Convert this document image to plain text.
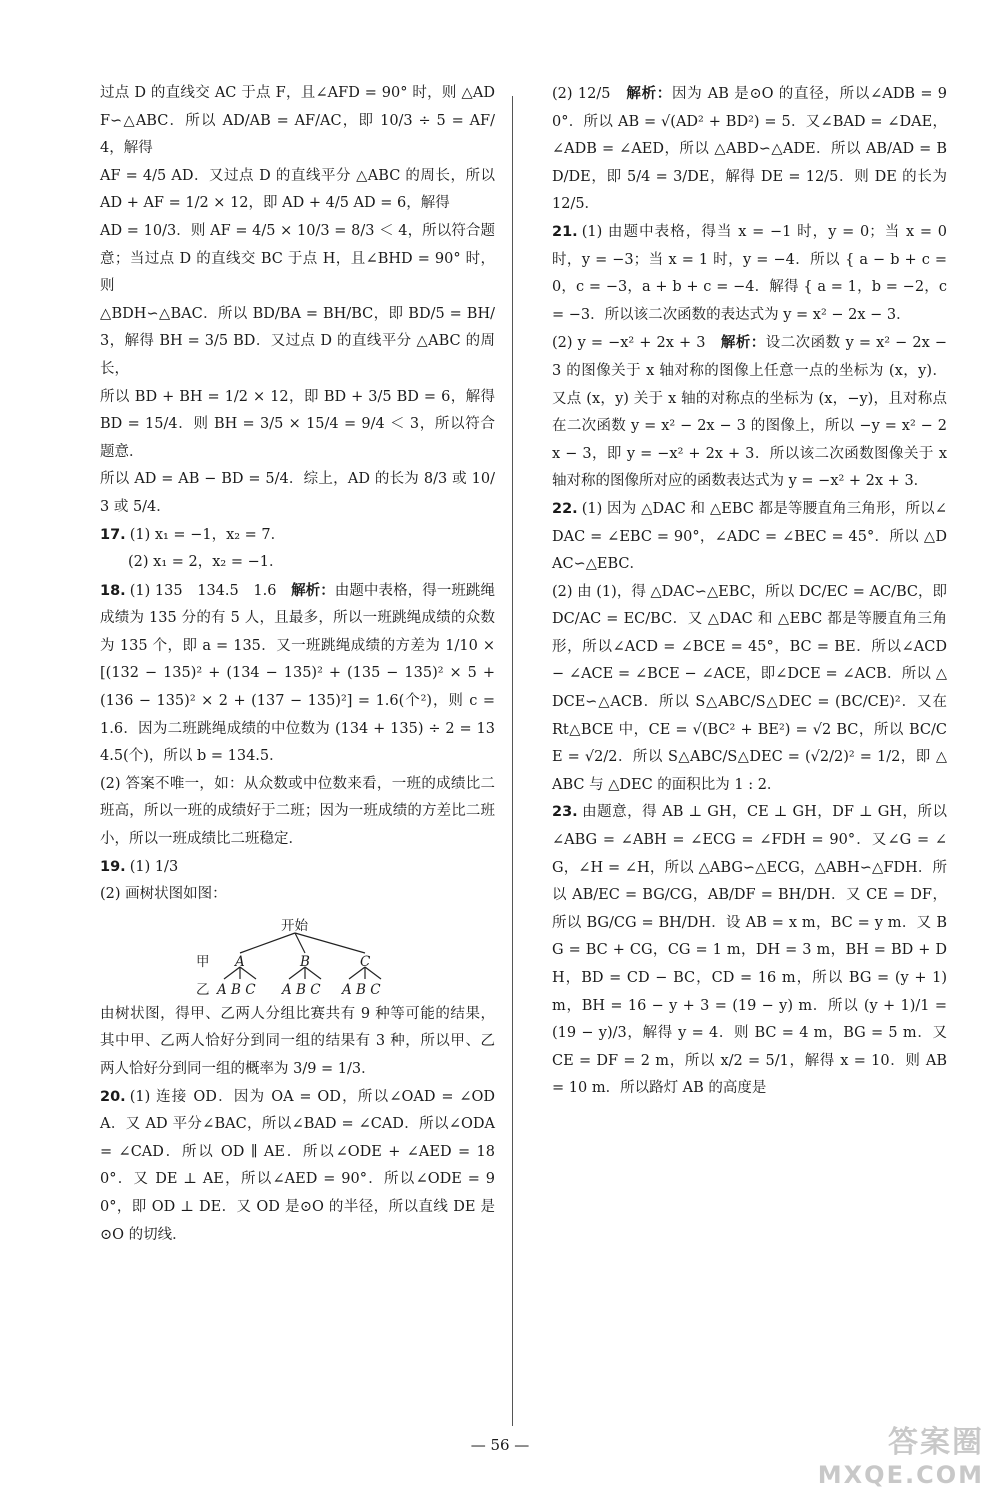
过点 D 的直线交 AC 于点 F，且∠AFD = 90° 时，则 △ADF∽△ABC．所以 AD/AB = AF/AC，即 10/3 ÷ 5 = AF/4，解得

AF = 4/5 AD．又过点 D 的直线平分 △ABC 的周长，所以 AD + AF = 1/2 × 12，即 AD + 4/5 AD = 6，解得

AD = 10/3．则 AF = 4/5 × 10/3 = 8/3 ＜ 4，所以符合题意；当过点 D 的直线交 BC 于点 H，且∠BHD = 90° 时，则

△BDH∽△BAC．所以 BD/BA = BH/BC，即 BD/5 = BH/3，解得 BH = 3/5 BD．又过点 D 的直线平分 △ABC 的周长，

所以 BD + BH = 1/2 × 12，即 BD + 3/5 BD = 6，解得 BD = 15/4．则 BH = 3/5 × 15/4 = 9/4 ＜ 3，所以符合题意．

所以 AD = AB − BD = 5/4．综上，AD 的长为 8/3 或 10/3 或 5/4．

17. (1) x₁ = −1，x₂ = 7．

(2) x₁ = 2，x₂ = −1．

18. (1) 135　134.5　1.6　 解析：由题中表格，得一班跳绳成绩为 135 分的有 5 人，且最多，所以一班跳绳成绩的众数为 135 个，即 a = 135．又一班跳绳成绩的方差为 1/10 × [(132 − 135)² + (134 − 135)² + (135 − 135)² × 5 + (136 − 135)² × 2 + (137 − 135)²] = 1.6(个²)，则 c = 1.6．因为二班跳绳成绩的中位数为 (134 + 135) ÷ 2 = 134.5(个)，所以 b = 134.5．

(2) 答案不唯一，如：从众数或中位数来看，一班的成绩比二班高，所以一班的成绩好于二班；因为一班成绩的方差比二班小，所以一班成绩比二班稳定．

19. (1) 1/3

(2) 画树状图如图：

开始
甲 A	B	C
乙 A B C A B C A B C

由树状图，得甲、乙两人分组比赛共有 9 种等可能的结果，其中甲、乙两人恰好分到同一组的结果有 3 种，所以甲、乙两人恰好分到同一组的概率为 3/9 = 1/3．

20. (1) 连接 OD．因为 OA = OD，所以∠OAD = ∠ODA．又 AD 平分∠BAC，所以∠BAD = ∠CAD．所以∠ODA = ∠CAD．所以 OD ∥ AE．所以∠ODE + ∠AED = 180°．又 DE ⊥ AE，所以∠AED = 90°．所以∠ODE = 90°，即 OD ⊥ DE．又 OD 是⊙O 的半径，所以直线 DE 是⊙O 的切线．

(2) 12/5　 解析：因为 AB 是⊙O 的直径，所以∠ADB = 90°．所以 AB = √(AD² + BD²) = 5．又∠BAD = ∠DAE，∠ADB = ∠AED，所以 △ABD∽△ADE．所以 AB/AD = BD/DE，即 5/4 = 3/DE，解得 DE = 12/5．则 DE 的长为 12/5．

21. (1) 由题中表格，得当 x = −1 时，y = 0；当 x = 0 时，y = −3；当 x = 1 时，y = −4．所以 { a − b + c = 0，c = −3，a + b + c = −4．解得 { a = 1，b = −2，c = −3．所以该二次函数的表达式为 y = x² − 2x − 3．

(2) y = −x² + 2x + 3　 解析：设二次函数 y = x² − 2x − 3 的图像关于 x 轴对称的图像上任意一点的坐标为 (x，y)．又点 (x，y) 关于 x 轴的对称点的坐标为 (x，−y)，且对称点在二次函数 y = x² − 2x − 3 的图像上，所以 −y = x² − 2x − 3，即 y = −x² + 2x + 3．所以该二次函数图像关于 x 轴对称的图像所对应的函数表达式为 y = −x² + 2x + 3．

22. (1) 因为 △DAC 和 △EBC 都是等腰直角三角形，所以∠DAC = ∠EBC = 90°，∠ADC = ∠BEC = 45°．所以 △DAC∽△EBC．

(2) 由 (1)，得 △DAC∽△EBC，所以 DC/EC = AC/BC，即 DC/AC = EC/BC．又 △DAC 和 △EBC 都是等腰直角三角形，所以∠ACD = ∠BCE = 45°，BC = BE．所以∠ACD − ∠ACE = ∠BCE − ∠ACE，即∠DCE = ∠ACB．所以 △DCE∽△ACB．所以 S△ABC/S△DEC = (BC/CE)²．又在 Rt△BCE 中，CE = √(BC² + BE²) = √2 BC，所以 BC/CE = √2/2．所以 S△ABC/S△DEC = (√2/2)² = 1/2，即 △ABC 与 △DEC 的面积比为 1 : 2．

23. 由题意，得 AB ⊥ GH，CE ⊥ GH，DF ⊥ GH，所以∠ABG = ∠ABH = ∠ECG = ∠FDH = 90°．又∠G = ∠G，∠H = ∠H，所以 △ABG∽△ECG，△ABH∽△FDH．所以 AB/EC = BG/CG，AB/DF = BH/DH．又 CE = DF，所以 BG/CG = BH/DH．设 AB = x m，BC = y m．又 BG = BC + CG，CG = 1 m，DH = 3 m，BH = BD + DH，BD = CD − BC，CD = 16 m，所以 BG = (y + 1) m，BH = 16 − y + 3 = (19 − y) m．所以 (y + 1)/1 = (19 − y)/3，解得 y = 4．则 BC = 4 m，BG = 5 m．又 CE = DF = 2 m，所以 x/2 = 5/1，解得 x = 10．则 AB = 10 m．所以路灯 AB 的高度是

— 56 —	答案圈
MXQE.COM
